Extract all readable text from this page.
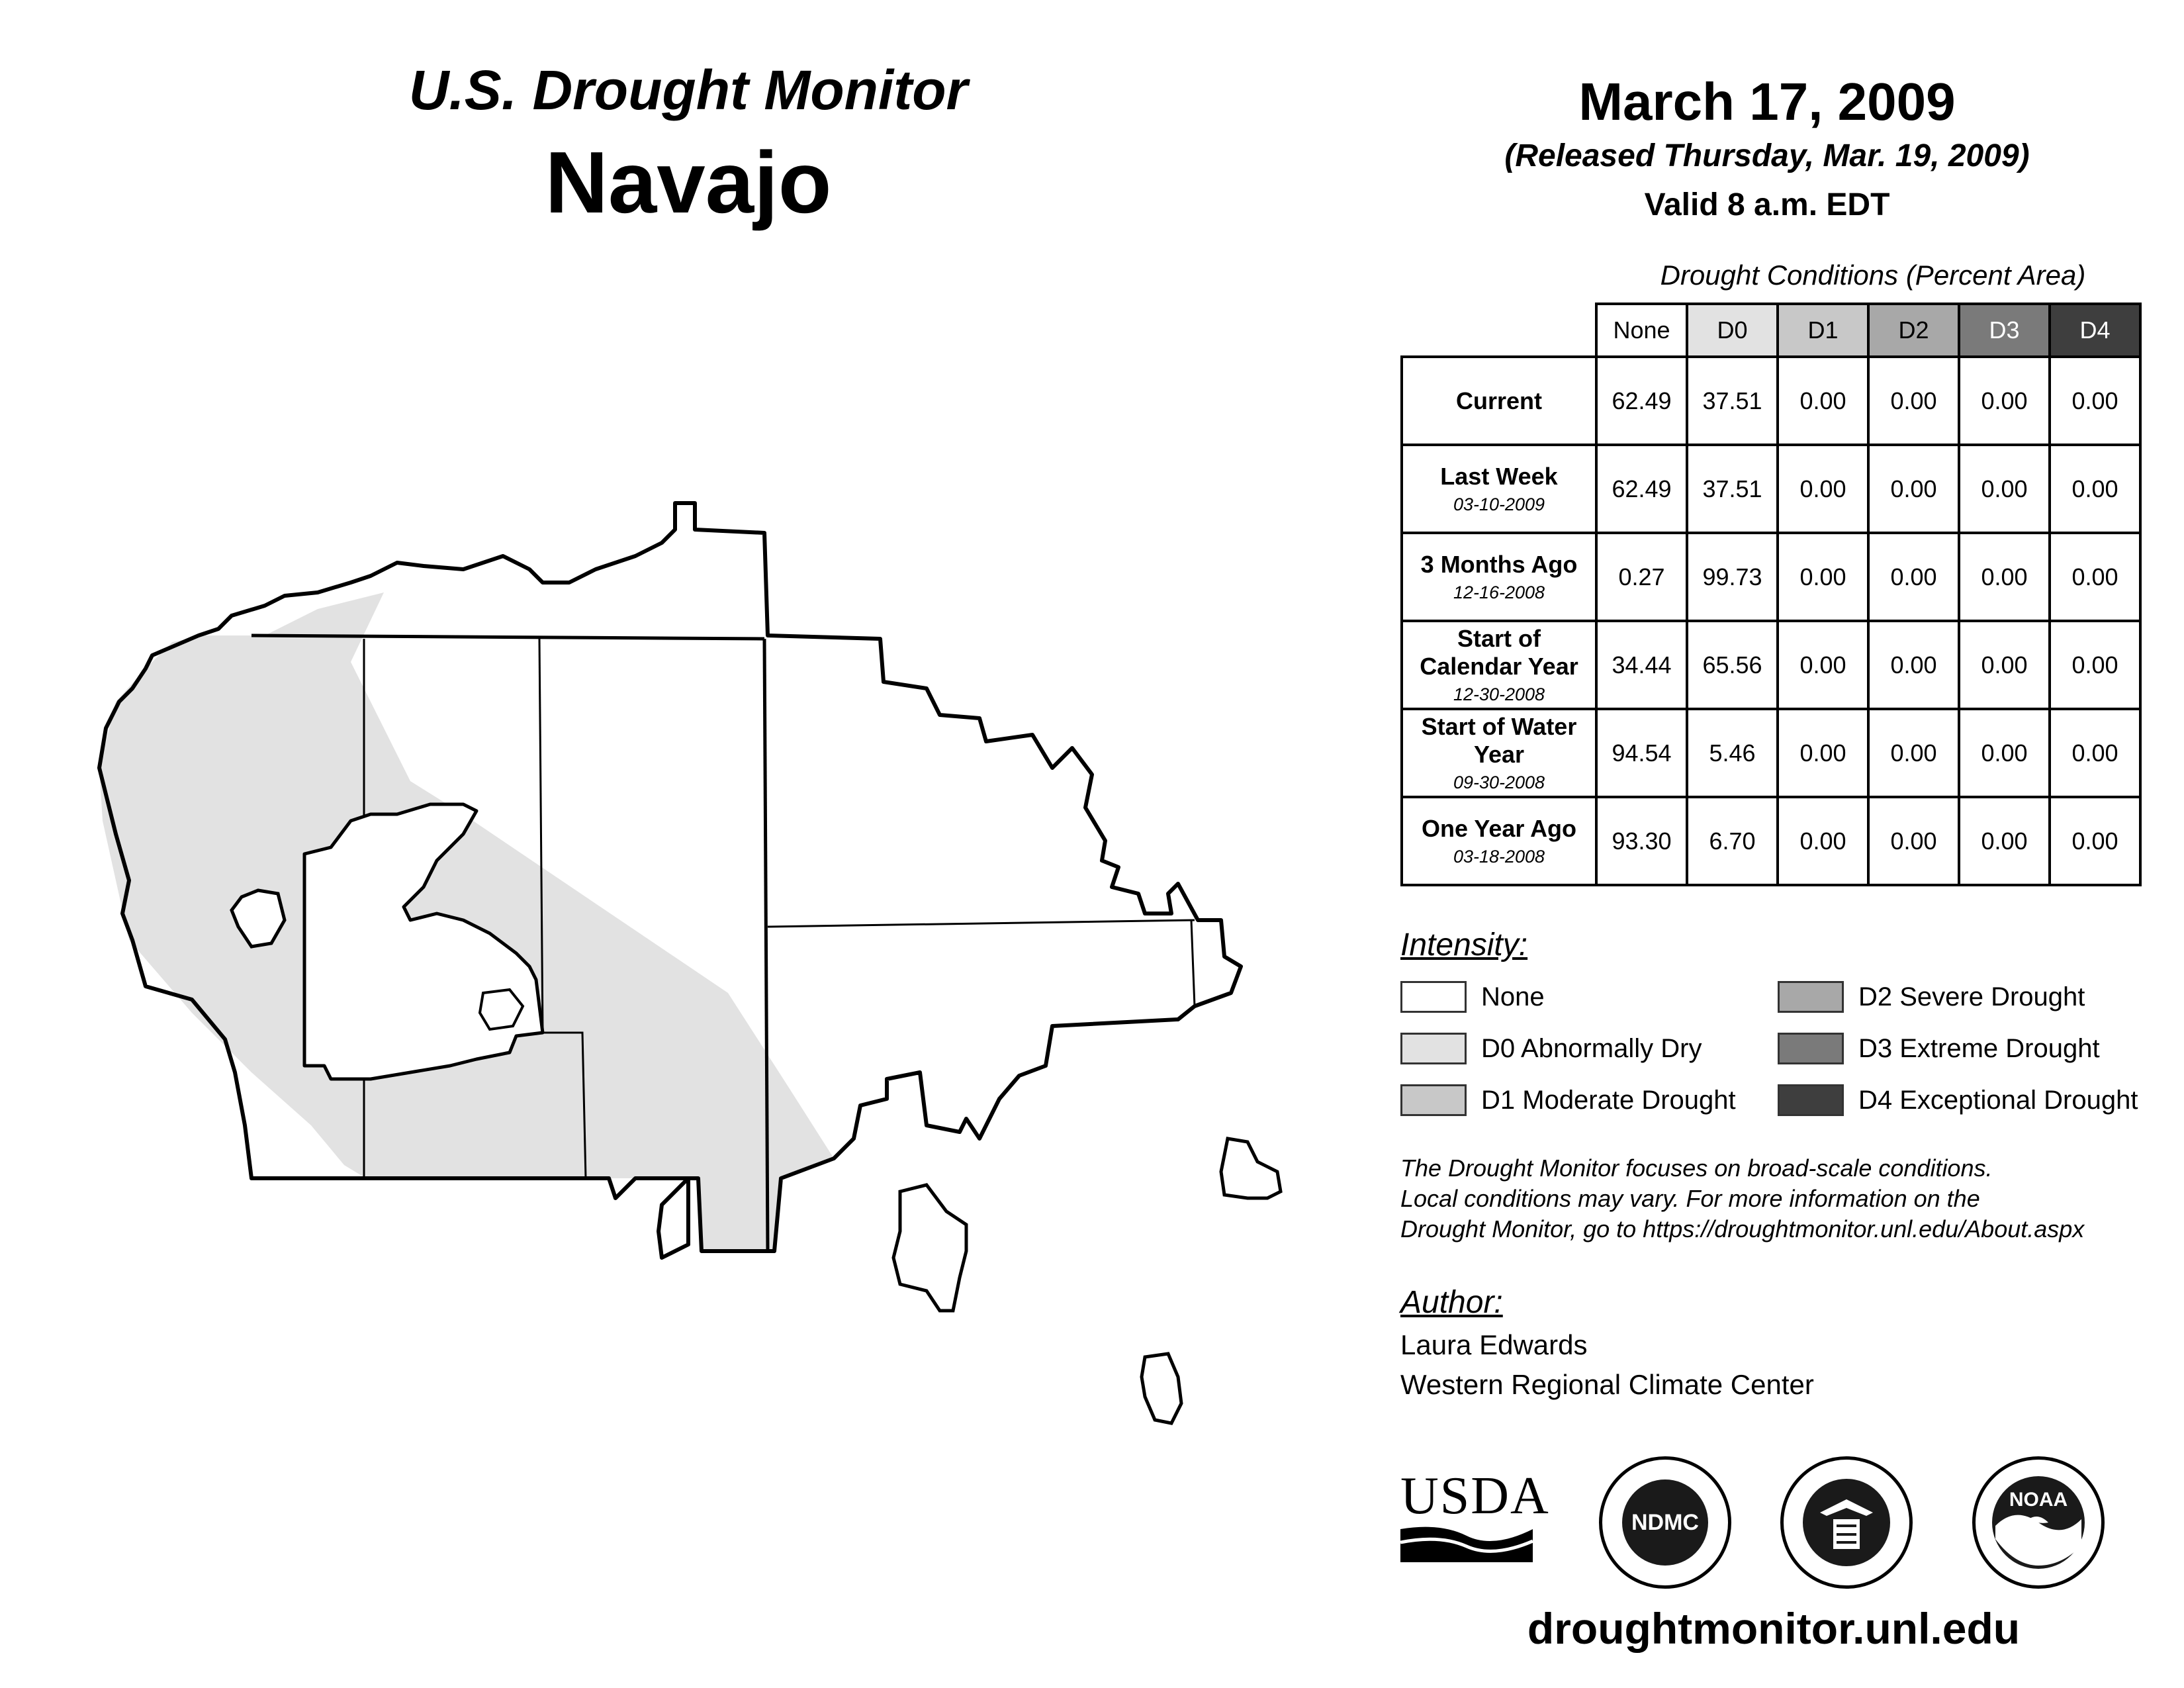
U.S. Drought Monitor
Navajo
March 17, 2009
(Released Thursday, Mar. 19, 2009)
Valid 8 a.m. EDT
Drought Conditions (Percent Area)
	None	D0	D1	D2	D3	D4

Current	62.49	37.51	0.00	0.00	0.00	0.00

Last Week
03-10-2009	62.49	37.51	0.00	0.00	0.00	0.00

3 Months Ago
12-16-2008	0.27	99.73	0.00	0.00	0.00	0.00

Start of Calendar Year
12-30-2008	34.44	65.56	0.00	0.00	0.00	0.00

Start of Water Year
09-30-2008	94.54	5.46	0.00	0.00	0.00	0.00

One Year Ago
03-18-2008	93.30	6.70	0.00	0.00	0.00	0.00
Intensity:
None
D0 Abnormally Dry
D1 Moderate Drought
D2 Severe Drought
D3 Extreme Drought
D4 Exceptional Drought
The Drought Monitor focuses on broad-scale conditions.
Local conditions may vary. For more information on the
Drought Monitor, go to https://droughtmonitor.unl.edu/About.aspx
Author:
Laura Edwards
Western Regional Climate Center
USDA	NDMC
NOAA
droughtmonitor.unl.edu
